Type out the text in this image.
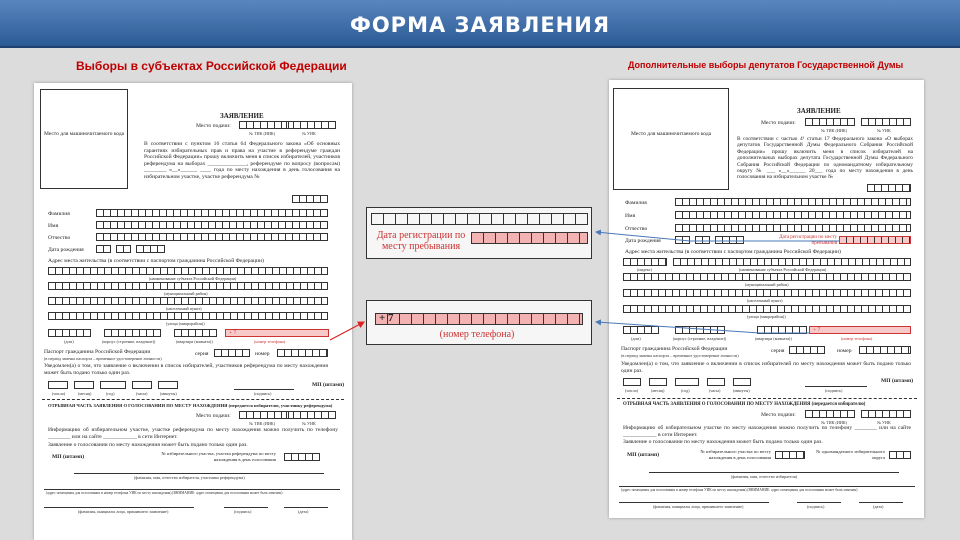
ФОРМА ЗАЯВЛЕНИЯ
Выборы в субъектах Российской Федерации	Дополнительные выборы депутатов Государственной Думы
Место для машиночитаемого кода
ЗАЯВЛЕНИЕ
Место подачи:
№ ТИК (ИИК)	№ УИК
В соответствии с пунктом 16 статьи 64 Федерального закона «Об основных гарантиях избирательных прав и права на участие в референдуме граждан Российской Федерации» прошу включить меня в список избирателей, участников референдума на выборах ______________, референдуме по вопросу (вопросам) ________ «__»______ ____ года по месту нахождения в день голосования на избирательном участке, участке референдума №
Фамилия
Имя
Отчество
Дата рождения
Адрес места жительства (в соответствии с паспортом гражданина Российской Федерации)
(наименование субъекта Российской Федерации)
(муниципальный район)
(населенный пункт)
(улица (микрорайон))
+ 7
(дом)	(корпус (строение, владение))	(квартира (комната))	(номер телефона)
Паспорт гражданина Российской Федерации
(в период замены паспорта – временное удостоверение личности)
серия	номер
Уведомлен(а) о том, что заявление о включении в список избирателей, участников референдума по месту нахождения может быть подано только один раз.
МП (штамп)
(число)	(месяц)	(год)	(часы)	(минуты)	(подпись)
ОТРЫВНАЯ ЧАСТЬ ЗАЯВЛЕНИЯ О ГОЛОСОВАНИИ ПО МЕСТУ НАХОЖДЕНИЯ (передается избирателю, участнику референдума)
Место подачи:
№ ТИК (ИИК)	№ УИК
Информацию об избирательном участке, участке референдума по месту нахождения можно получить по телефону ________ или на сайте ____________ в сети Интернет.
Заявление о голосовании по месту нахождения может быть подано только один раз.
МП (штамп)
№ избирательного участка, участка референдума по месту нахождения в день голосования
(фамилия, имя, отчество избирателя, участника референдума)
(адрес помещения для голосования и номер телефона УИК по месту нахождения) (ВНИМАНИЕ: адрес помещения для голосования может быть изменен)
(фамилия, инициалы лица, принявшего заявление)	(подпись)	(дата)
Место для машиночитаемого кода
ЗАЯВЛЕНИЕ
Место подачи:
№ ТИК (ИИК)	№ УИК
В соответствии с частью 4¹ статьи 17 Федерального закона «О выборах депутатов Государственной Думы Федерального Собрания Российской Федерации» прошу включить меня в список избирателей на дополнительных выборах депутата Государственной Думы Федерального Собрания Российской Федерации по одномандатному избирательному округу № ___ «__»______ 20___ года по месту нахождения в день голосования на избирательном участке №
Фамилия
Имя
Отчество
Дата рождения
Дата регистрации по месту пребывания
Адрес места жительства (в соответствии с паспортом гражданина Российской Федерации)
(индекс)	(наименование субъекта Российской Федерации)
(муниципальный район)
(населенный пункт)
(улица (микрорайон))
+ 7
(дом)	(корпус (строение, владение))	(квартира (комната))	(номер телефона)
Паспорт гражданина Российской Федерации
(в период замены паспорта – временное удостоверение личности)
серия	номер
Уведомлен(а) о том, что заявление о включении в список избирателей по месту нахождения может быть подано только один раз.
МП (штамп)
(число)	(месяц)	(год)	(часы)	(минуты)	(подпись)
ОТРЫВНАЯ ЧАСТЬ ЗАЯВЛЕНИЯ О ГОЛОСОВАНИИ ПО МЕСТУ НАХОЖДЕНИЯ (передается избирателю)
Место подачи:
№ ТИК (ИИК)	№ УИК
Информацию об избирательном участке по месту нахождения можно получить по телефону ________ или на сайте ____________ в сети Интернет.
Заявление о голосовании по месту нахождения может быть подано только один раз.
МП (штамп)
№ избирательного участка по месту нахождения в день голосования
№ одномандатного избирательного округа
(фамилия, имя, отчество избирателя)
(адрес помещения для голосования и номер телефона УИК по месту нахождения) (ВНИМАНИЕ: адрес помещения для голосования может быть изменен)
(фамилия, инициалы лица, принявшего заявление)	(подпись)	(дата)
Дата регистрации по месту пребывания
+ 7
(номер телефона)
